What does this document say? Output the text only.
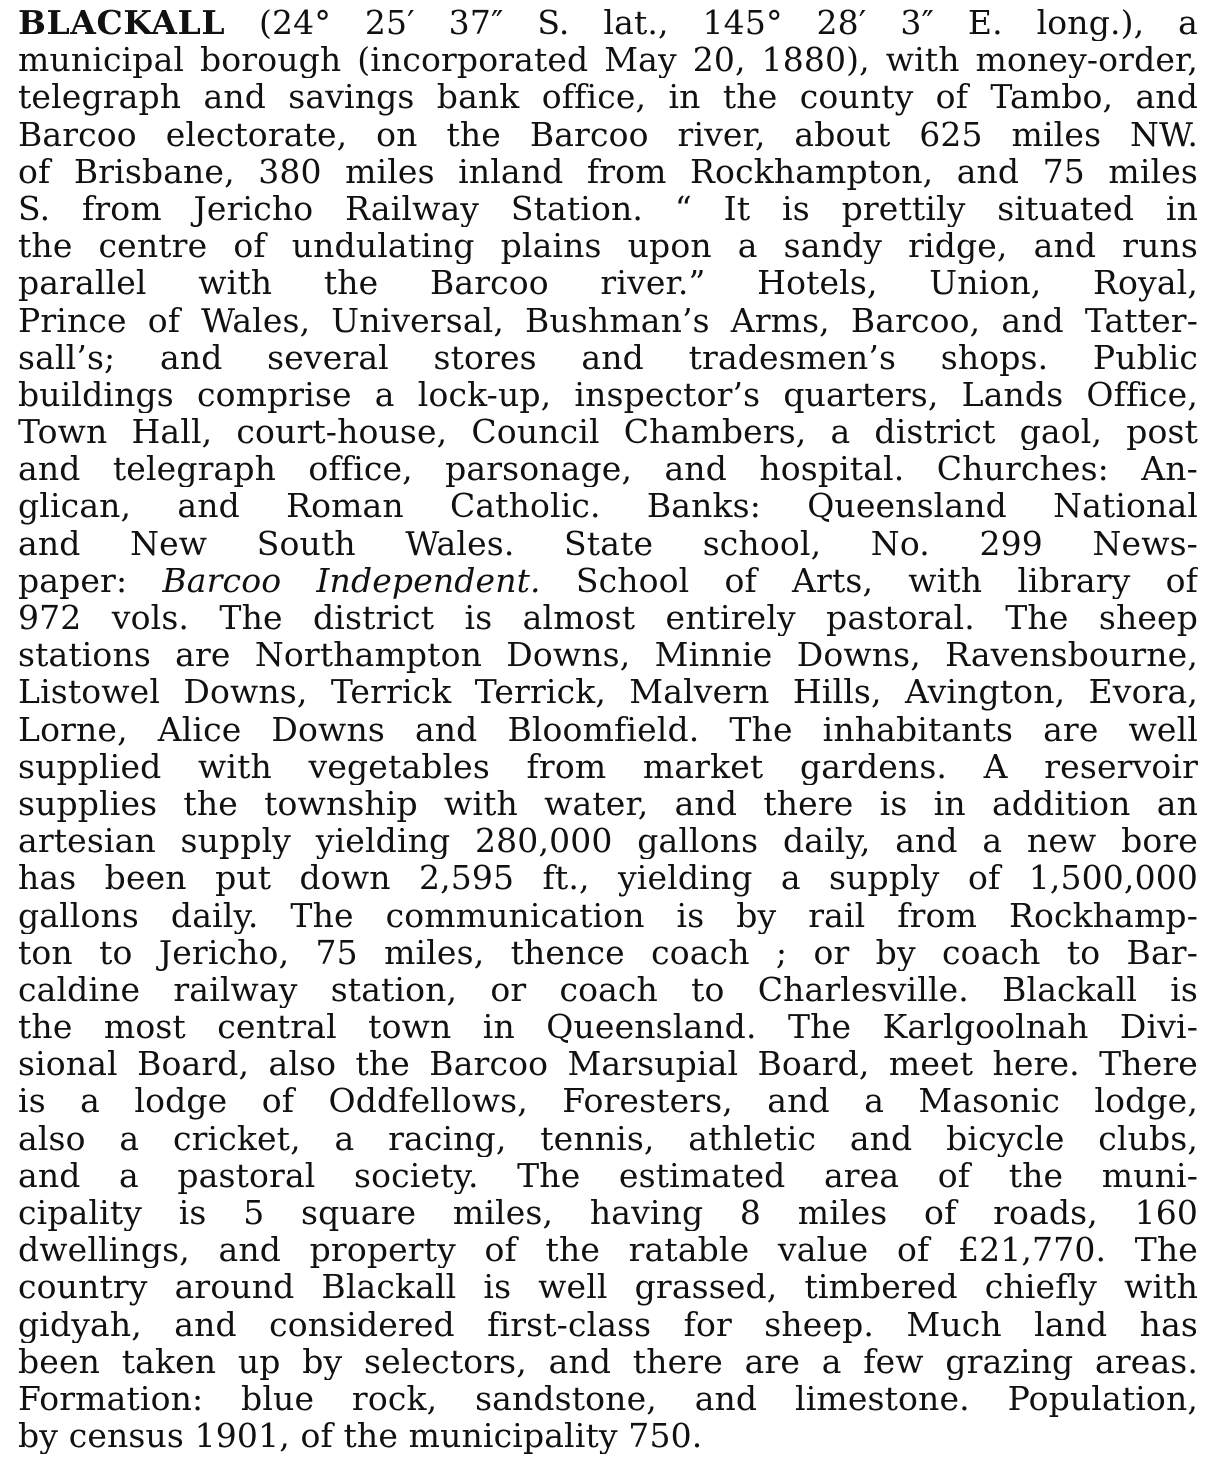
BLACKALL (24° 25′ 37″ S. lat., 145° 28′ 3″ E. long.), a
municipal borough (incorporated May 20, 1880), with money-order,
telegraph and savings bank office, in the county of Tambo, and
Barcoo electorate, on the Barcoo river, about 625 miles NW.
of Brisbane, 380 miles inland from Rockhampton, and 75 miles
S. from Jericho Railway Station. “ It is prettily situated in
the centre of undulating plains upon a sandy ridge, and runs
parallel with the Barcoo river.” Hotels, Union, Royal,
Prince of Wales, Universal, Bushman’s Arms, Barcoo, and Tatter-
sall’s; and several stores and tradesmen’s shops. Public
buildings comprise a lock-up, inspector’s quarters, Lands Office,
Town Hall, court-house, Council Chambers, a district gaol, post
and telegraph office, parsonage, and hospital. Churches: An-
glican, and Roman Catholic. Banks: Queensland National
and New South Wales. State school, No. 299 News-
paper: Barcoo Independent. School of Arts, with library of
972 vols. The district is almost entirely pastoral. The sheep
stations are Northampton Downs, Minnie Downs, Ravensbourne,
Listowel Downs, Terrick Terrick, Malvern Hills, Avington, Evora,
Lorne, Alice Downs and Bloomfield. The inhabitants are well
supplied with vegetables from market gardens. A reservoir
supplies the township with water, and there is in addition an
artesian supply yielding 280,000 gallons daily, and a new bore
has been put down 2,595 ft., yielding a supply of 1,500,000
gallons daily. The communication is by rail from Rockhamp-
ton to Jericho, 75 miles, thence coach ; or by coach to Bar-
caldine railway station, or coach to Charlesville. Blackall is
the most central town in Queensland. The Karlgoolnah Divi-
sional Board, also the Barcoo Marsupial Board, meet here. There
is a lodge of Oddfellows, Foresters, and a Masonic lodge,
also a cricket, a racing, tennis, athletic and bicycle clubs,
and a pastoral society. The estimated area of the muni-
cipality is 5 square miles, having 8 miles of roads, 160
dwellings, and property of the ratable value of £21,770. The
country around Blackall is well grassed, timbered chiefly with
gidyah, and considered first-class for sheep. Much land has
been taken up by selectors, and there are a few grazing areas.
Formation: blue rock, sandstone, and limestone. Population,
by census 1901, of the municipality 750.
